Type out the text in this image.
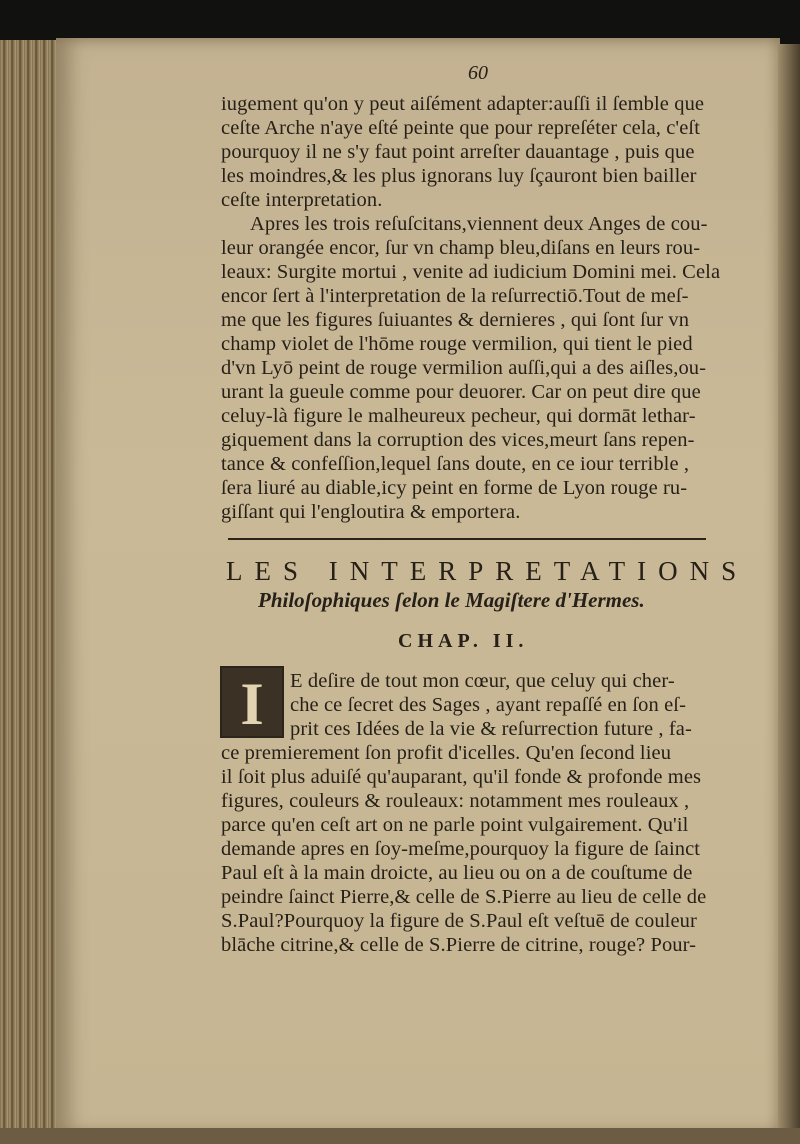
60
iugement qu'on y peut aiſément adapter:auſſi il ſemble que
ceſte Arche n'aye eſté peinte que pour repreſéter cela, c'eſt
pourquoy il ne s'y faut point arreſter dauantage , puis que
les moindres,& les plus ignorans luy ſçauront bien bailler
ceſte interpretation.
Apres les trois reſuſcitans,viennent deux Anges de cou-
leur orangée encor, ſur vn champ bleu,diſans en leurs rou-
leaux: Surgite mortui , venite ad iudicium Domini mei. Cela
encor ſert à l'interpretation de la reſurrectiō.Tout de meſ-
me que les figures ſuiuantes & dernieres , qui ſont ſur vn
champ violet de l'hōme rouge vermilion, qui tient le pied
d'vn Lyō peint de rouge vermilion auſſi,qui a des aiſles,ou-
urant la gueule comme pour deuorer. Car on peut dire que
celuy-là figure le malheureux pecheur, qui dormāt lethar-
giquement dans la corruption des vices,meurt ſans repen-
tance & confeſſion,lequel ſans doute, en ce iour terrible ,
ſera liuré au diable,icy peint en forme de Lyon rouge ru-
giſſant qui l'engloutira & emportera.
LES INTERPRETATIONS
Philoſophiques ſelon le Magiſtere d'Hermes.
CHAP. II.
I	E deſire de tout mon cœur, que celuy qui cher-
che ce ſecret des Sages , ayant repaſſé en ſon eſ-
prit ces Idées de la vie & reſurrection future , fa-
ce premierement ſon profit d'icelles. Qu'en ſecond lieu
il ſoit plus aduiſé qu'auparant, qu'il fonde & profonde mes
figures, couleurs & rouleaux: notamment mes rouleaux ,
parce qu'en ceſt art on ne parle point vulgairement. Qu'il
demande apres en ſoy-meſme,pourquoy la figure de ſainct
Paul eſt à la main droicte, au lieu ou on a de couſtume de
peindre ſainct Pierre,& celle de S.Pierre au lieu de celle de
S.Paul?Pourquoy la figure de S.Paul eſt veſtuē de couleur
blāche citrine,& celle de S.Pierre de citrine, rouge? Pour-
